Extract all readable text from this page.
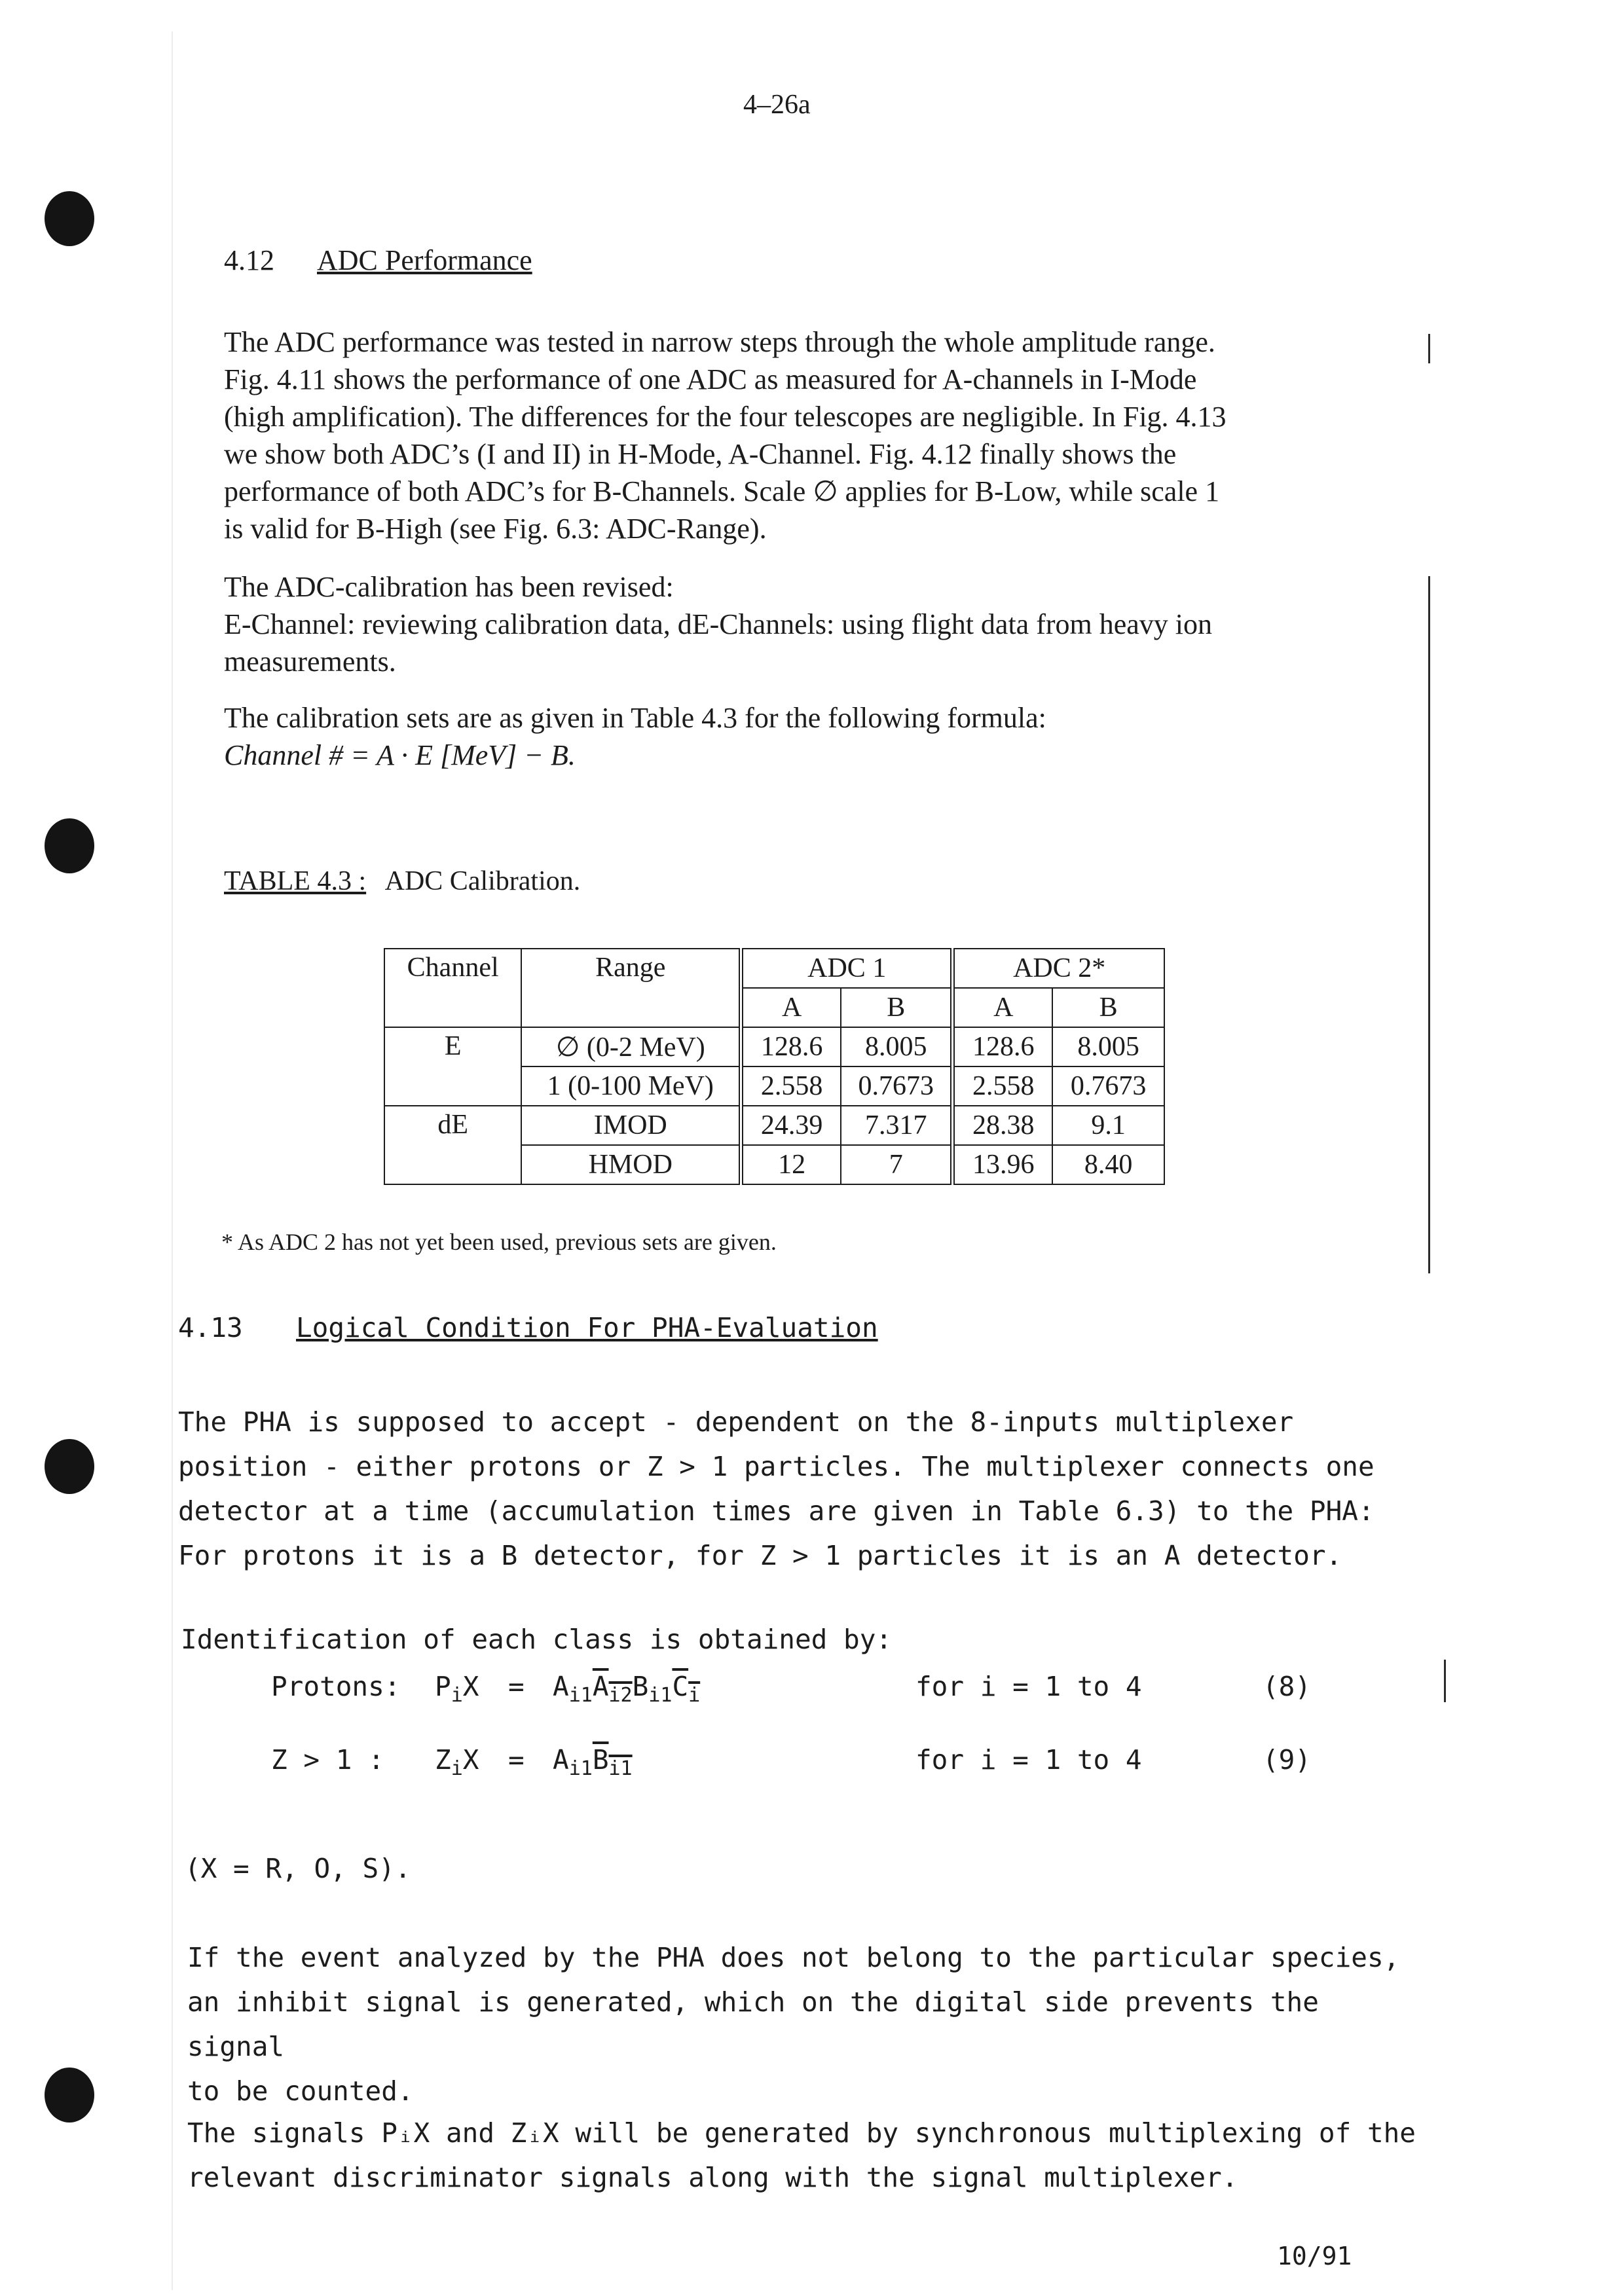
4–26a
4.12 ADC Performance

The ADC performance was tested in narrow steps through the whole amplitude range.

Fig. 4.11 shows the performance of one ADC as measured for A-channels in I-Mode

(high amplification). The differences for the four telescopes are negligible. In Fig. 4.13

we show both ADC’s (I and II) in H-Mode, A-Channel. Fig. 4.12 finally shows the

performance of both ADC’s for B-Channels. Scale ∅ applies for B-Low, while scale 1

is valid for B-High (see Fig. 6.3: ADC-Range).

The ADC-calibration has been revised:

E-Channel: reviewing calibration data, dE-Channels: using flight data from heavy ion

measurements.

The calibration sets are as given in Table 4.3 for the following formula:

Channel # = A · E [MeV] − B.

TABLE 4.3 : ADC Calibration.
Channel	Range	ADC 1		ADC 2*	
		A	B	A	B
E	∅ (0-2 MeV)	128.6	8.005	128.6	8.005
	1 (0-100 MeV)	2.558	0.7673	2.558	0.7673
dE	IMOD	24.39	7.317	28.38	9.1
	HMOD	12	7	13.96	8.40
* As ADC 2 has not yet been used, previous sets are given.
4.13 Logical Condition For PHA-Evaluation

The PHA is supposed to accept - dependent on the 8-inputs multiplexer

position - either protons or Z > 1 particles. The multiplexer connects one

detector at a time (accumulation times are given in Table 6.3) to the PHA:

For protons it is a B detector, for Z > 1 particles it is an A detector.

Identification of each class is obtained by:
Protons: $P_iX = A_{i1}A_{i2}B_{i1}C_i$	for i = 1 to 4	(8)
Z > 1 : $Z_iX = A_{i1}B_{i1}$	for i = 1 to 4	(9)
(X = R, O, S).

If the event analyzed by the PHA does not belong to the particular species,

an inhibit signal is generated, which on the digital side prevents the signal

to be counted.

The signals PᵢX and ZᵢX will be generated by synchronous multiplexing of the

relevant discriminator signals along with the signal multiplexer.

10/91
